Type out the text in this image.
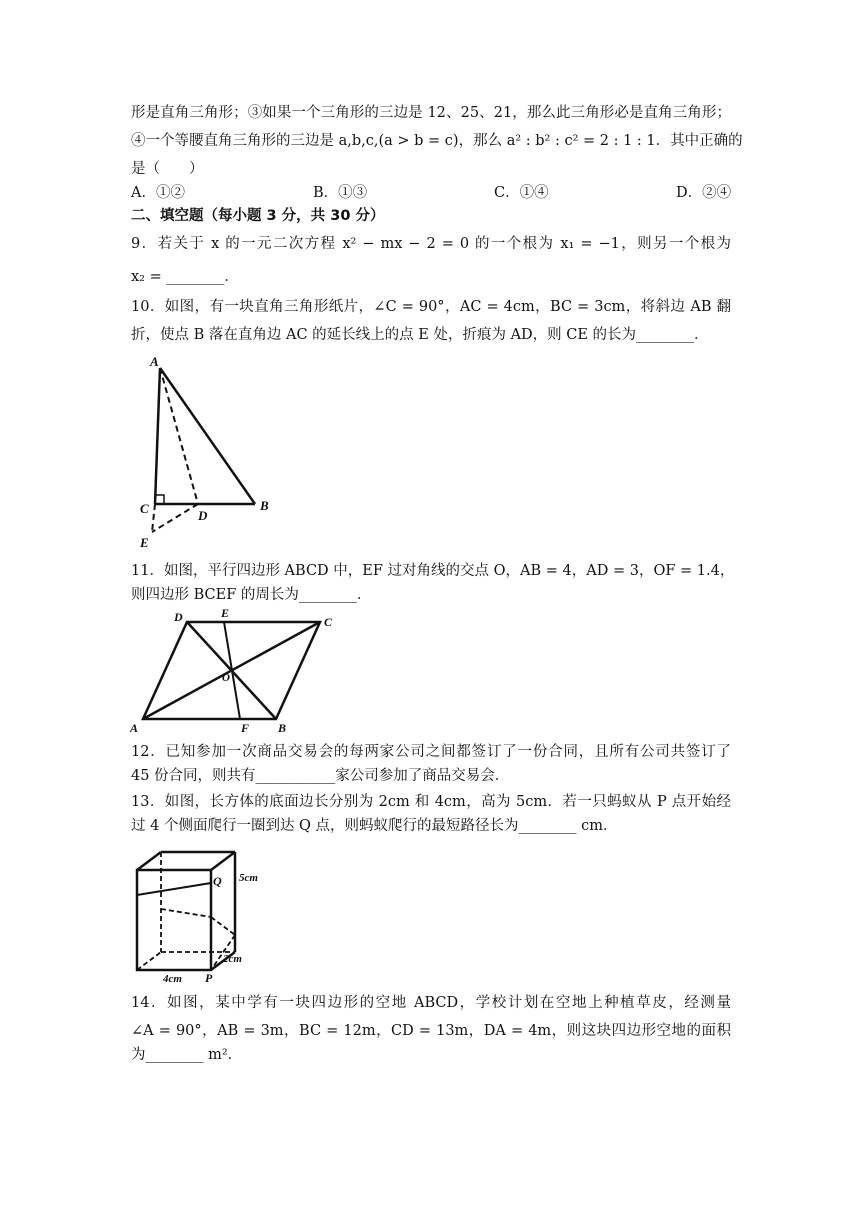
形是直角三角形；③如果一个三角形的三边是 12、25、21，那么此三角形必是直角三角形；
④一个等腰直角三角形的三边是 a,b,c,(a > b = c)，那么 a² : b² : c² = 2 : 1 : 1．其中正确的
是（　　）
A．①②	B．①③	C．①④	D．②④
二、填空题（每小题 3 分，共 30 分）
9．若关于 x 的一元二次方程 x² − mx − 2 = 0 的一个根为 x₁ = −1，则另一个根为
x₂ = ________．
10．如图，有一块直角三角形纸片，∠C = 90°，AC = 4cm，BC = 3cm，将斜边 AB 翻
折，使点 B 落在直角边 AC 的延长线上的点 E 处，折痕为 AD，则 CE 的长为________．
A
B
C	D
E
11．如图，平行四边形 ABCD 中，EF 过对角线的交点 O，AB = 4，AD = 3，OF = 1.4，
则四边形 BCEF 的周长为________．
D	E
C
O
A	F B
12．已知参加一次商品交易会的每两家公司之间都签订了一份合同，且所有公司共签订了
45 份合同，则共有___________家公司参加了商品交易会．
13．如图，长方体的底面边长分别为 2cm 和 4cm，高为 5cm．若一只蚂蚁从 P 点开始经
过 4 个侧面爬行一圈到达 Q 点，则蚂蚁爬行的最短路径长为________ cm．
Q 5cm
2cm
4cm P
14．如图，某中学有一块四边形的空地 ABCD，学校计划在空地上种植草皮，经测量
∠A = 90°，AB = 3m，BC = 12m，CD = 13m，DA = 4m，则这块四边形空地的面积
为________ m²．
